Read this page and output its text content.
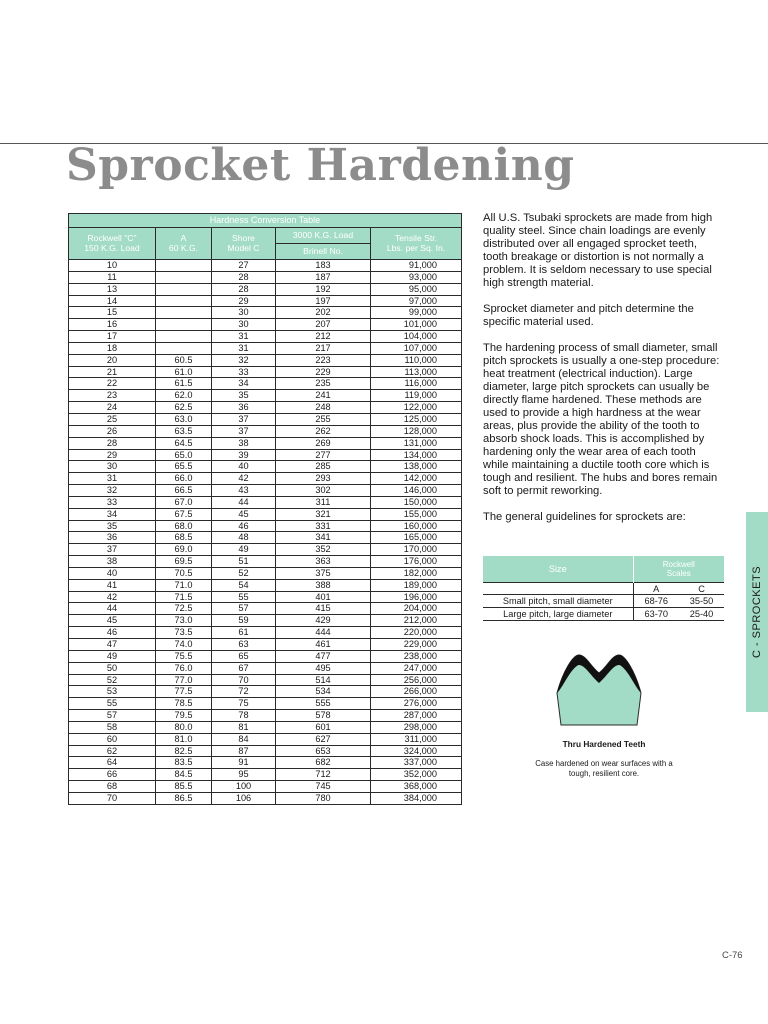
Sprocket Hardening
Hardness Conversion Table				
Rockwell "C"
150 K.G. Load	A
60 K.G.	Shore
Model C	3000 K.G. Load	Tensile Str.
Lbs. per Sq. In.
			Brinell No.	
10		27	183	91,000
11		28	187	93,000
13		28	192	95,000
14		29	197	97,000
15		30	202	99,000
16		30	207	101,000
17		31	212	104,000
18		31	217	107,000
20	60.5	32	223	110,000
21	61.0	33	229	113,000
22	61.5	34	235	116,000
23	62.0	35	241	119,000
24	62.5	36	248	122,000
25	63.0	37	255	125,000
26	63.5	37	262	128,000
28	64.5	38	269	131,000
29	65.0	39	277	134,000
30	65.5	40	285	138,000
31	66.0	42	293	142,000
32	66.5	43	302	146,000
33	67.0	44	311	150,000
34	67.5	45	321	155,000
35	68.0	46	331	160,000
36	68.5	48	341	165,000
37	69.0	49	352	170,000
38	69.5	51	363	176,000
40	70.5	52	375	182,000
41	71.0	54	388	189,000
42	71.5	55	401	196,000
44	72.5	57	415	204,000
45	73.0	59	429	212,000
46	73.5	61	444	220,000
47	74.0	63	461	229,000
49	75.5	65	477	238,000
50	76.0	67	495	247,000
52	77.0	70	514	256,000
53	77.5	72	534	266,000
55	78.5	75	555	276,000
57	79.5	78	578	287,000
58	80.0	81	601	298,000
60	81.0	84	627	311,000
62	82.5	87	653	324,000
64	83.5	91	682	337,000
66	84.5	95	712	352,000
68	85.5	100	745	368,000
70	86.5	106	780	384,000

All U.S. Tsubaki sprockets are made from high quality steel. Since chain loadings are evenly distributed over all engaged sprocket teeth, tooth breakage or distortion is not normally a problem. It is seldom necessary to use special high strength material.

Sprocket diameter and pitch determine the specific material used.

The hardening process of small diameter, small pitch sprockets is usually a one-step procedure: heat treatment (electrical induction). Large diameter, large pitch sprockets can usually be directly flame hardened. These methods are used to provide a high hardness at the wear areas, plus provide the ability of the tooth to absorb shock loads. This is accomplished by hardening only the wear area of each tooth while maintaining a ductile tooth core which is tough and resilient. The hubs and bores remain soft to permit reworking.

The general guidelines for sprockets are:

Size	Rockwell
Scales	
	A	C
Small pitch, small diameter	68-76	35-50
Large pitch, large diameter	63-70	25-40
Thru Hardened Teeth
Case hardened on wear surfaces with a
tough, resilient core.
C - SPROCKETS
C-76
